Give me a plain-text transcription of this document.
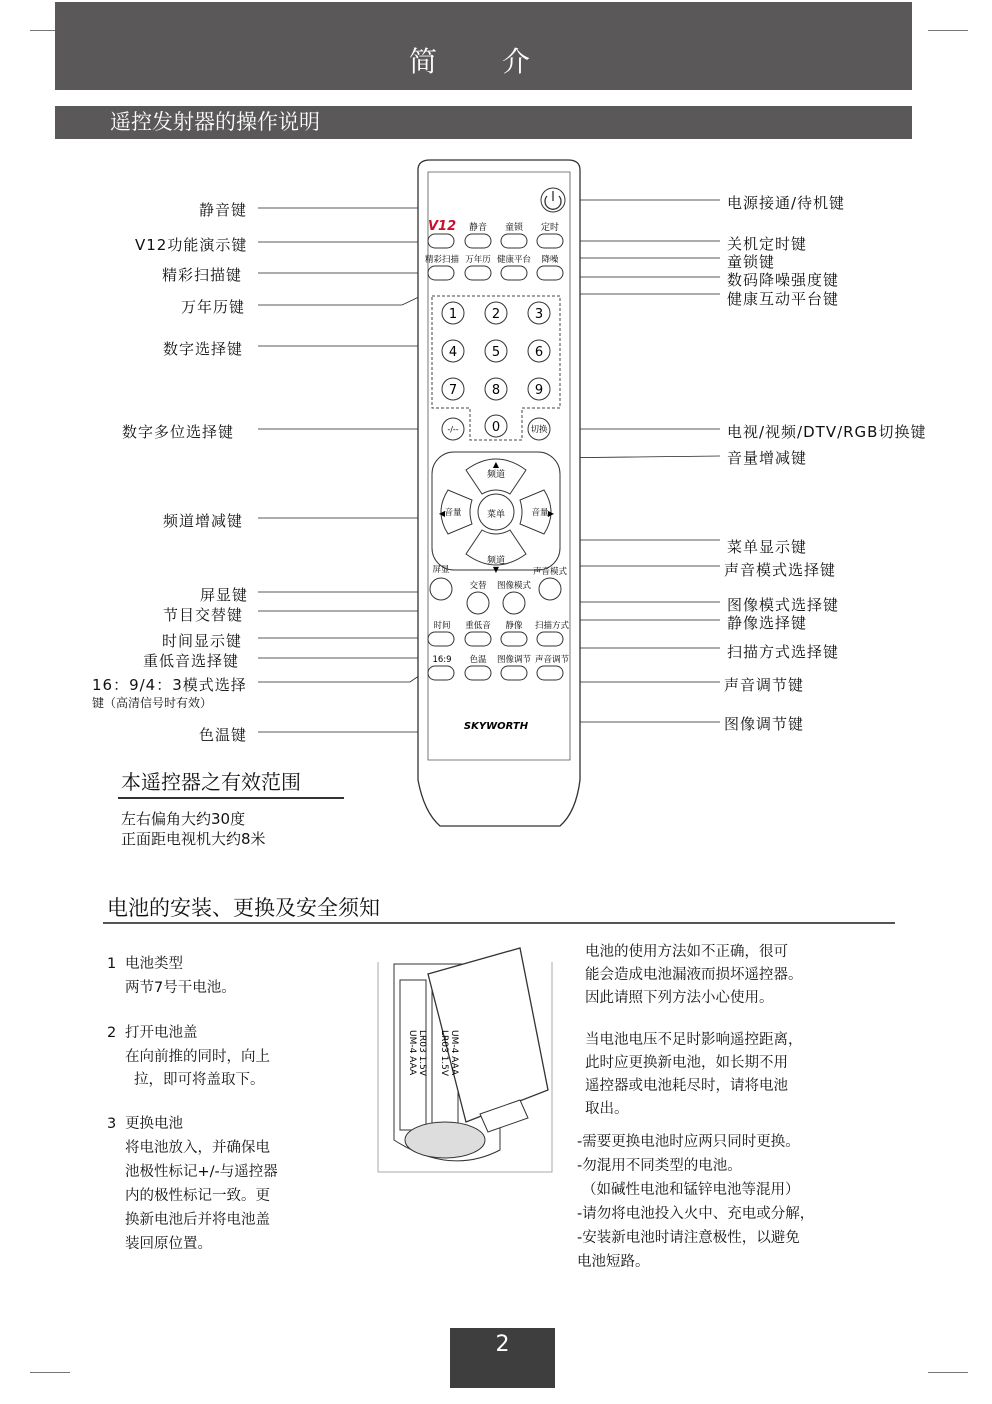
简 介
遥控发射器的操作说明
静音键
V12功能演示键
精彩扫描键
万年历键
数字选择键
数字多位选择键
频道增减键
屏显键
节目交替键
时间显示键
重低音选择键
16：9/4：3模式选择
键（高清信号时有效）
色温键
电源接通/待机键
关机定时键
童锁键
数码降噪强度键
健康互动平台键
电视/视频/DTV/RGB切换键
音量增减键
菜单显示键
声音模式选择键
图像模式选择键
静像选择键
扫描方式选择键
声音调节键
图像调节键
V12 静音 童锁 定时
精彩扫描 万年历 健康平台 降噪
1	2	3
4	5	6
7	8	9
0
-/--	切换
频道
▲
频道
▼
音量	音量
◀	▶
菜单
屏显	声音模式
交替 图像模式
时间 重低音 静像 扫描方式
16:9 色温 图像调节 声音调节
SKYWORTH
本遥控器之有效范围
左右偏角大约30度
正面距电视机大约8米
电池的安装、更换及安全须知
1 电池类型
两节7号干电池。
2 打开电池盖
在向前推的同时，向上
拉，即可将盖取下。
3 更换电池
将电池放入，并确保电
池极性标记+/-与遥控器
内的极性标记一致。更
换新电池后并将电池盖
装回原位置。
UM-4 AAA LR03 1.5V LR03 1.5V UM-4 AAA
电池的使用方法如不正确，很可
能会造成电池漏液而损坏遥控器。
因此请照下列方法小心使用。
当电池电压不足时影响遥控距离，
此时应更换新电池，如长期不用
遥控器或电池耗尽时，请将电池
取出。
-需要更换电池时应两只同时更换。
-勿混用不同类型的电池。
（如碱性电池和锰锌电池等混用）
-请勿将电池投入火中、充电或分解，
-安装新电池时请注意极性，以避免
电池短路。
2
